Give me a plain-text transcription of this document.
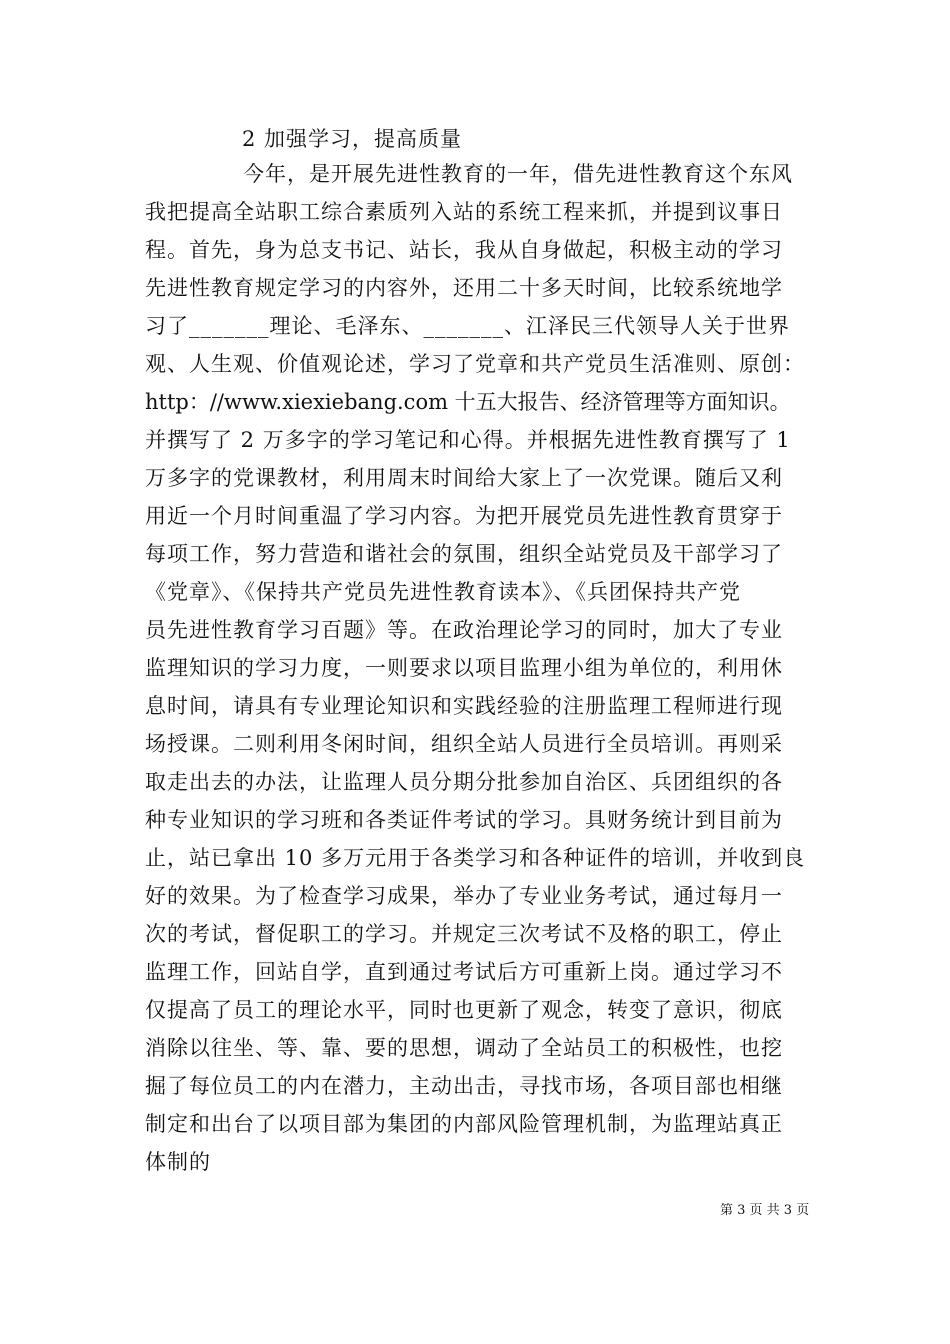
2 加强学习，提高质量
今年，是开展先进性教育的一年，借先进性教育这个东风
我把提高全站职工综合素质列入站的系统工程来抓，并提到议事日
程。首先，身为总支书记、站长，我从自身做起，积极主动的学习
先进性教育规定学习的内容外，还用二十多天时间，比较系统地学
习了_______理论、毛泽东、_______、江泽民三代领导人关于世界
观、人生观、价值观论述，学习了党章和共产党员生活准则、原创：
http：//www.xiexiebang.com 十五大报告、经济管理等方面知识。
并撰写了 2 万多字的学习笔记和心得。并根据先进性教育撰写了 1
万多字的党课教材，利用周末时间给大家上了一次党课。随后又利
用近一个月时间重温了学习内容。为把开展党员先进性教育贯穿于
每项工作，努力营造和谐社会的氛围，组织全站党员及干部学习了
《党章》、《保持共产党员先进性教育读本》、《兵团保持共产党
员先进性教育学习百题》等。在政治理论学习的同时，加大了专业
监理知识的学习力度，一则要求以项目监理小组为单位的，利用休
息时间，请具有专业理论知识和实践经验的注册监理工程师进行现
场授课。二则利用冬闲时间，组织全站人员进行全员培训。再则采
取走出去的办法，让监理人员分期分批参加自治区、兵团组织的各
种专业知识的学习班和各类证件考试的学习。具财务统计到目前为
止，站已拿出 10 多万元用于各类学习和各种证件的培训，并收到良
好的效果。为了检查学习成果，举办了专业业务考试，通过每月一
次的考试，督促职工的学习。并规定三次考试不及格的职工，停止
监理工作，回站自学，直到通过考试后方可重新上岗。通过学习不
仅提高了员工的理论水平，同时也更新了观念，转变了意识，彻底
消除以往坐、等、靠、要的思想，调动了全站员工的积极性，也挖
掘了每位员工的内在潜力，主动出击，寻找市场，各项目部也相继
制定和出台了以项目部为集团的内部风险管理机制，为监理站真正
体制的
第 3 页 共 3 页
